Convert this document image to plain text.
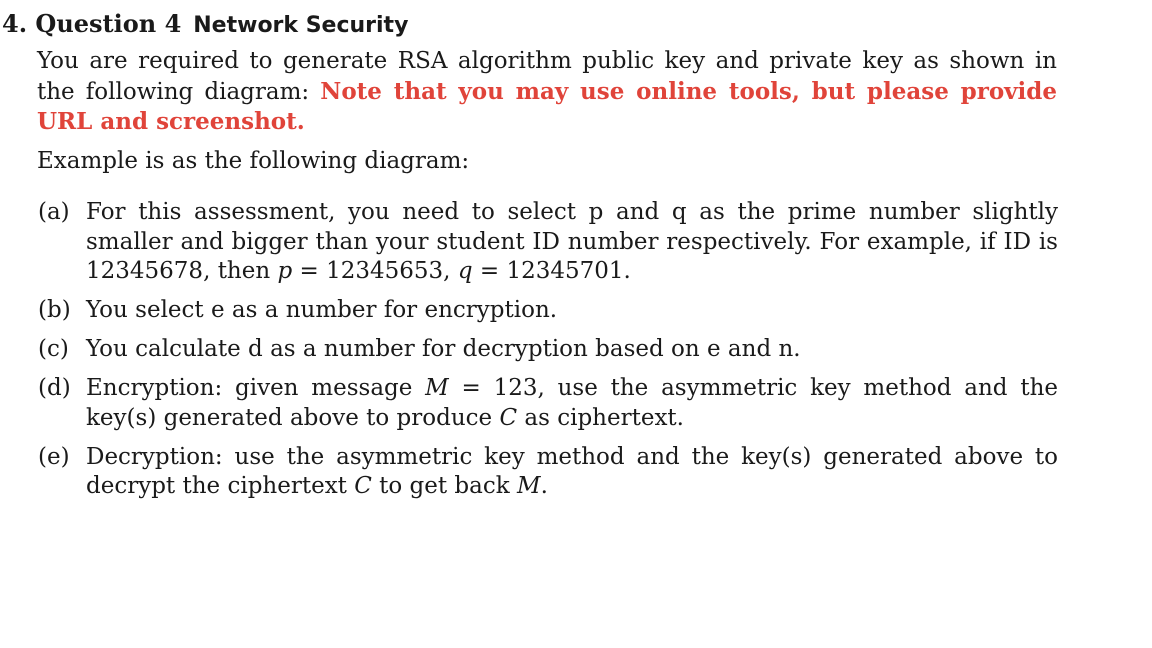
4. Question 4 Network Security
You are required to generate RSA algorithm public key and private key as shown in the following diagram: Note that you may use online tools, but please provide URL and screenshot.
Example is as the following diagram:
(a) For this assessment, you need to select p and q as the prime number slightly smaller and bigger than your student ID number respectively. For example, if ID is 12345678, then p = 12345653, q = 12345701.
(b) You select e as a number for encryption.
(c) You calculate d as a number for decryption based on e and n.
(d) Encryption: given message M = 123, use the asymmetric key method and the key(s) generated above to produce C as ciphertext.
(e) Decryption: use the asymmetric key method and the key(s) generated above to decrypt the ciphertext C to get back M.
